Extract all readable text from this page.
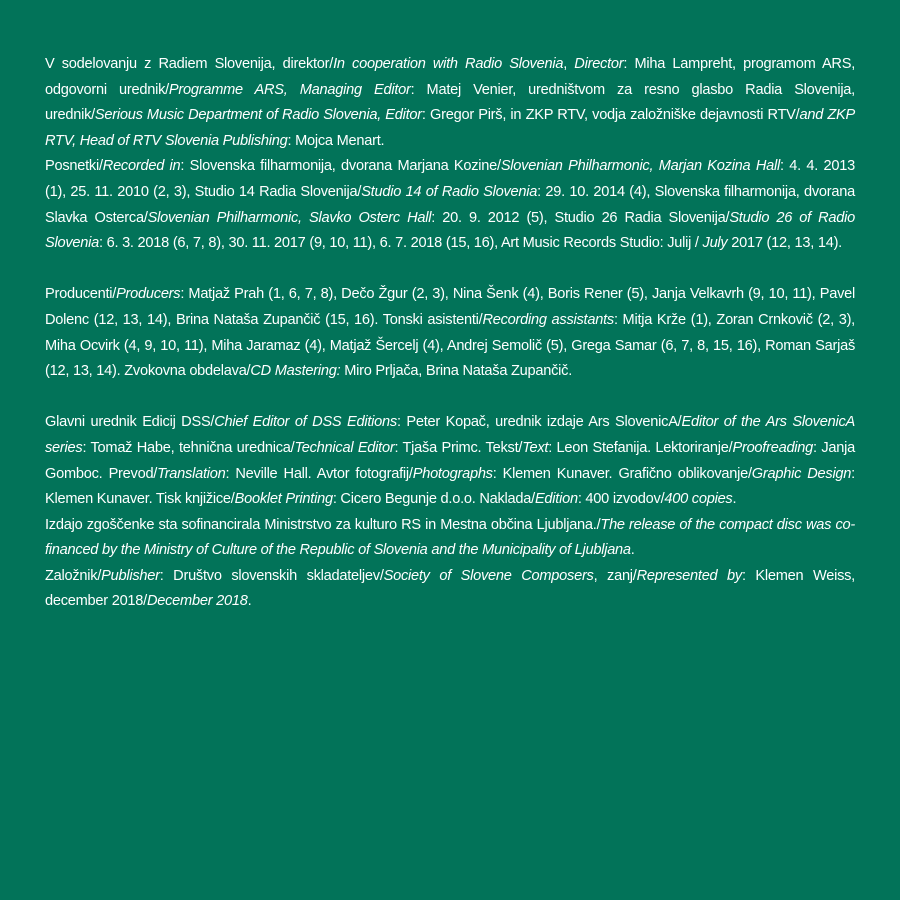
V sodelovanju z Radiem Slovenija, direktor/In cooperation with Radio Slovenia, Director: Miha Lampreht, programom ARS, odgovorni urednik/Programme ARS, Managing Editor: Matej Venier, uredništvom za resno glasbo Radia Slovenija, urednik/Serious Music Department of Radio Slovenia, Editor: Gregor Pirš, in ZKP RTV, vodja založniške dejavnosti RTV/and ZKP RTV, Head of RTV Slovenia Publishing: Mojca Menart.

Posnetki/Recorded in: Slovenska filharmonija, dvorana Marjana Kozine/Slovenian Philharmonic, Marjan Kozina Hall: 4. 4. 2013 (1), 25. 11. 2010 (2, 3), Studio 14 Radia Slovenija/Studio 14 of Radio Slovenia: 29. 10. 2014 (4), Slovenska filharmonija, dvorana Slavka Osterca/Slovenian Philharmonic, Slavko Osterc Hall: 20. 9. 2012 (5), Studio 26 Radia Slovenija/Studio 26 of Radio Slovenia: 6. 3. 2018 (6, 7, 8), 30. 11. 2017 (9, 10, 11), 6. 7. 2018 (15, 16), Art Music Records Studio: Julij / July 2017 (12, 13, 14).

Producenti/Producers: Matjaž Prah (1, 6, 7, 8), Dečo Žgur (2, 3), Nina Šenk (4), Boris Rener (5), Janja Velkavrh (9, 10, 11), Pavel Dolenc (12, 13, 14), Brina Nataša Zupančič (15, 16). Tonski asistenti/Recording assistants: Mitja Krže (1), Zoran Crnkovič (2, 3), Miha Ocvirk (4, 9, 10, 11), Miha Jaramaz (4), Matjaž Šercelj (4), Andrej Semolič (5), Grega Samar (6, 7, 8, 15, 16), Roman Sarjaš (12, 13, 14). Zvokovna obdelava/CD Mastering: Miro Prljača, Brina Nataša Zupančič.

Glavni urednik Edicij DSS/Chief Editor of DSS Editions: Peter Kopač, urednik izdaje Ars SlovenicA/Editor of the Ars SlovenicA series: Tomaž Habe, tehnična urednica/Technical Editor: Tjaša Primc. Tekst/Text: Leon Stefanija. Lektoriranje/Proofreading: Janja Gomboc. Prevod/Translation: Neville Hall. Avtor fotografij/Photographs: Klemen Kunaver. Grafično oblikovanje/Graphic Design: Klemen Kunaver. Tisk knjižice/Booklet Printing: Cicero Begunje d.o.o. Naklada/Edition: 400 izvodov/400 copies.

Izdajo zgoščenke sta sofinancirala Ministrstvo za kulturo RS in Mestna občina Ljubljana./The release of the compact disc was co-financed by the Ministry of Culture of the Republic of Slovenia and the Municipality of Ljubljana.

Založnik/Publisher: Društvo slovenskih skladateljev/Society of Slovene Composers, zanj/Represented by: Klemen Weiss, december 2018/December 2018.
